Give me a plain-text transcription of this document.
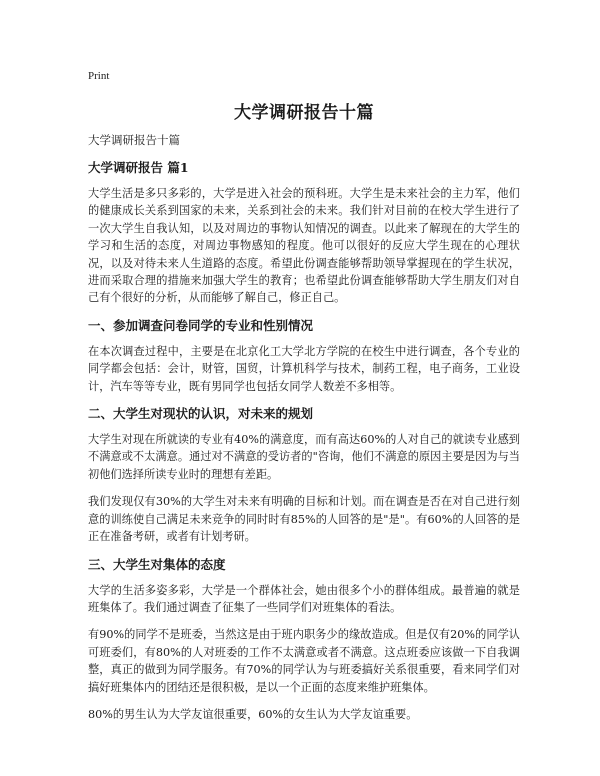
Print
大学调研报告十篇

大学调研报告十篇

大学调研报告 篇1

大学生活是多只多彩的，大学是进入社会的预科班。大学生是未来社会的主力军，他们的健康成长关系到国家的未来，关系到社会的未来。我们针对目前的在校大学生进行了一次大学生自我认知，以及对周边的事物认知情况的调查。以此来了解现在的大学生的学习和生活的态度，对周边事物感知的程度。他可以很好的反应大学生现在的心理状况，以及对待未来人生道路的态度。希望此份调查能够帮助领导掌握现在的学生状况，进而采取合理的措施来加强大学生的教育；也希望此份调查能够帮助大学生朋友们对自己有个很好的分析，从而能够了解自己，修正自己。

一、参加调查问卷同学的专业和性别情况

在本次调查过程中，主要是在北京化工大学北方学院的在校生中进行调查，各个专业的同学都会包括：会计，财管，国贸，计算机科学与技术，制药工程，电子商务，工业设计，汽车等等专业，既有男同学也包括女同学人数差不多相等。

二、大学生对现状的认识，对未来的规划

大学生对现在所就读的专业有40%的满意度，而有高达60%的人对自己的就读专业感到不满意或不太满意。通过对不满意的受访者的"咨询，他们不满意的原因主要是因为与当初他们选择所读专业时的理想有差距。

我们发现仅有30%的大学生对未来有明确的目标和计划。而在调查是否在对自己进行刻意的训练使自己满足未来竞争的同时时有85%的人回答的是"是"。有60%的人回答的是正在准备考研，或者有计划考研。

三、大学生对集体的态度

大学的生活多姿多彩，大学是一个群体社会，她由很多个小的群体组成。最普遍的就是班集体了。我们通过调查了征集了一些同学们对班集体的看法。

有90%的同学不是班委，当然这是由于班内职务少的缘故造成。但是仅有20%的同学认可班委们，有80%的人对班委的工作不太满意或者不满意。这点班委应该做一下自我调整，真正的做到为同学服务。有70%的同学认为与班委搞好关系很重要，看来同学们对搞好班集体内的团结还是很积极，是以一个正面的态度来维护班集体。

80%的男生认为大学友谊很重要，60%的女生认为大学友谊重要。
